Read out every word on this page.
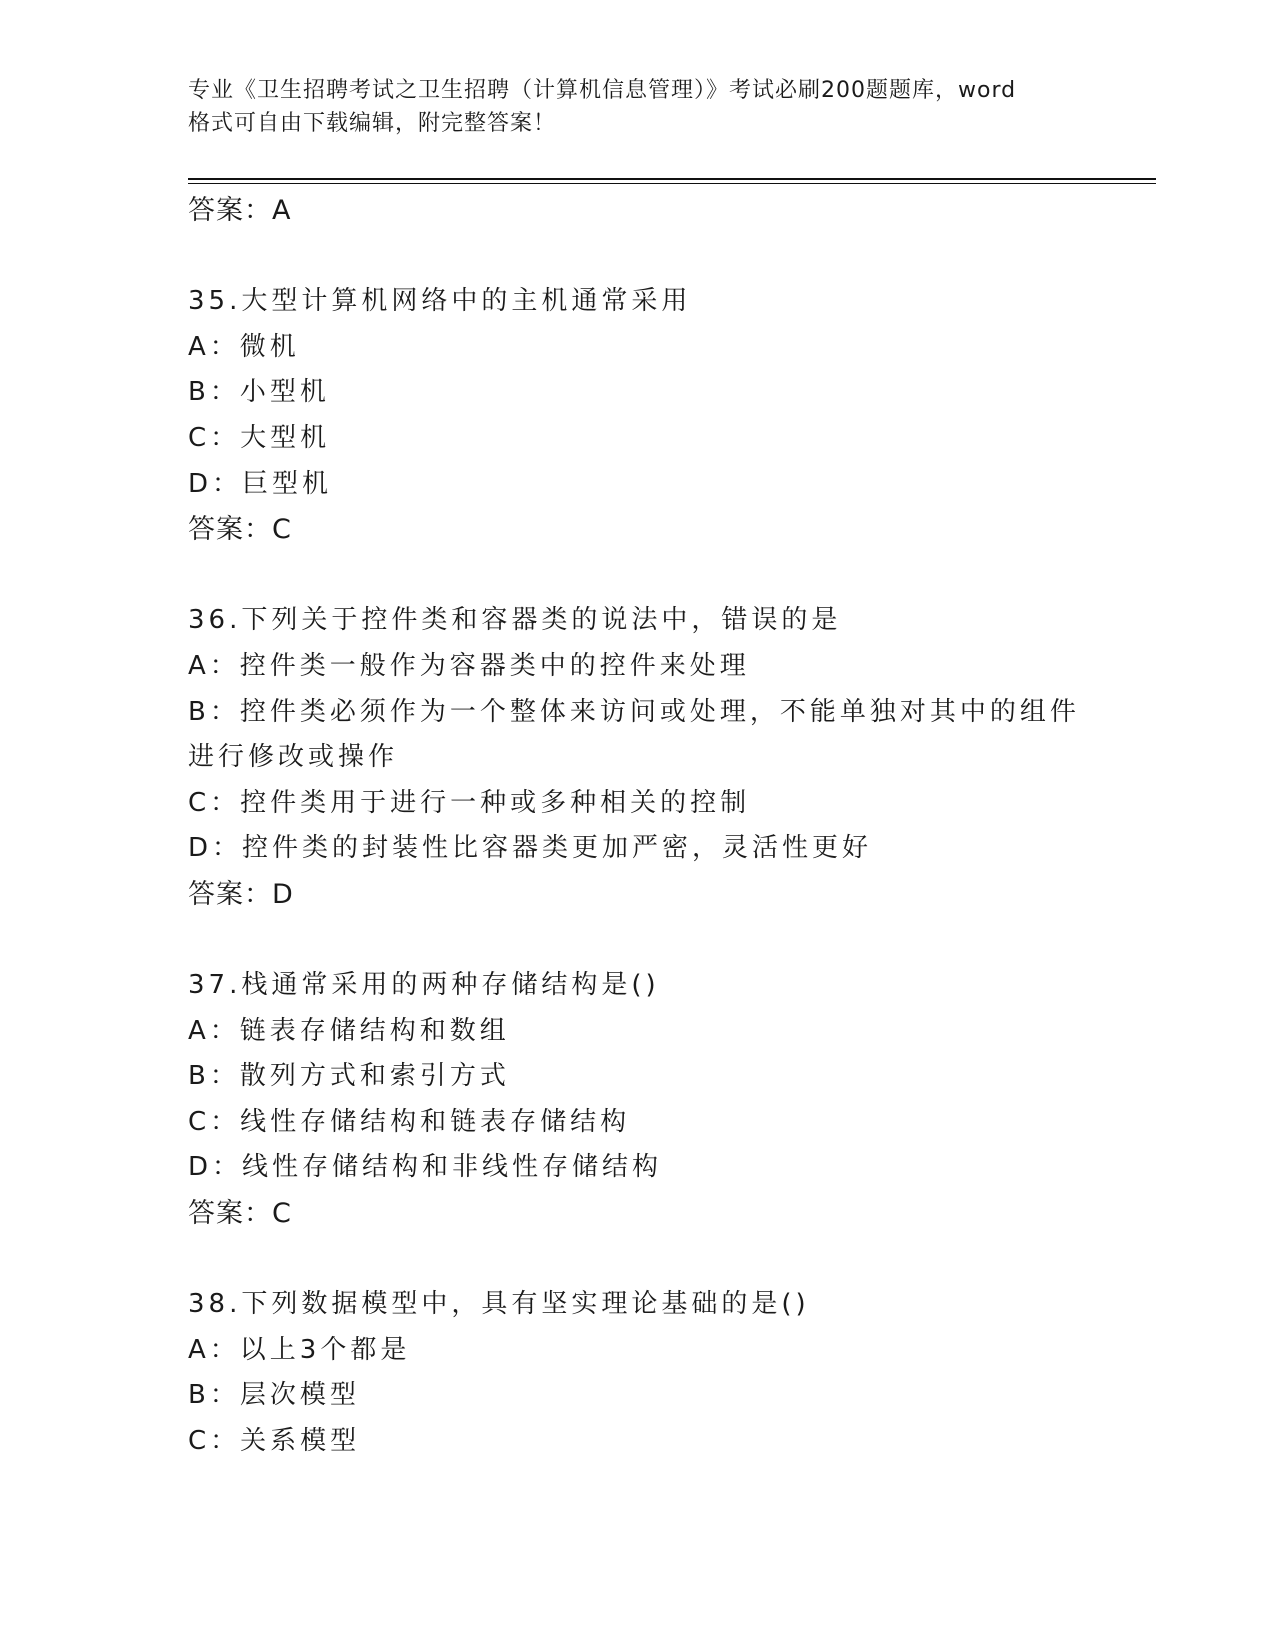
专业《卫生招聘考试之卫生招聘（计算机信息管理）》考试必刷200题题库，word
格式可自由下载编辑，附完整答案！
答案：A
35.大型计算机网络中的主机通常采用
A：微机
B：小型机
C：大型机
D：巨型机
答案：C
36.下列关于控件类和容器类的说法中，错误的是
A：控件类一般作为容器类中的控件来处理
B：控件类必须作为一个整体来访问或处理，不能单独对其中的组件进行修改或操作
C：控件类用于进行一种或多种相关的控制
D：控件类的封装性比容器类更加严密，灵活性更好
答案：D
37.栈通常采用的两种存储结构是()
A：链表存储结构和数组
B：散列方式和索引方式
C：线性存储结构和链表存储结构
D：线性存储结构和非线性存储结构
答案：C
38.下列数据模型中，具有坚实理论基础的是()
A：以上3个都是
B：层次模型
C：关系模型
